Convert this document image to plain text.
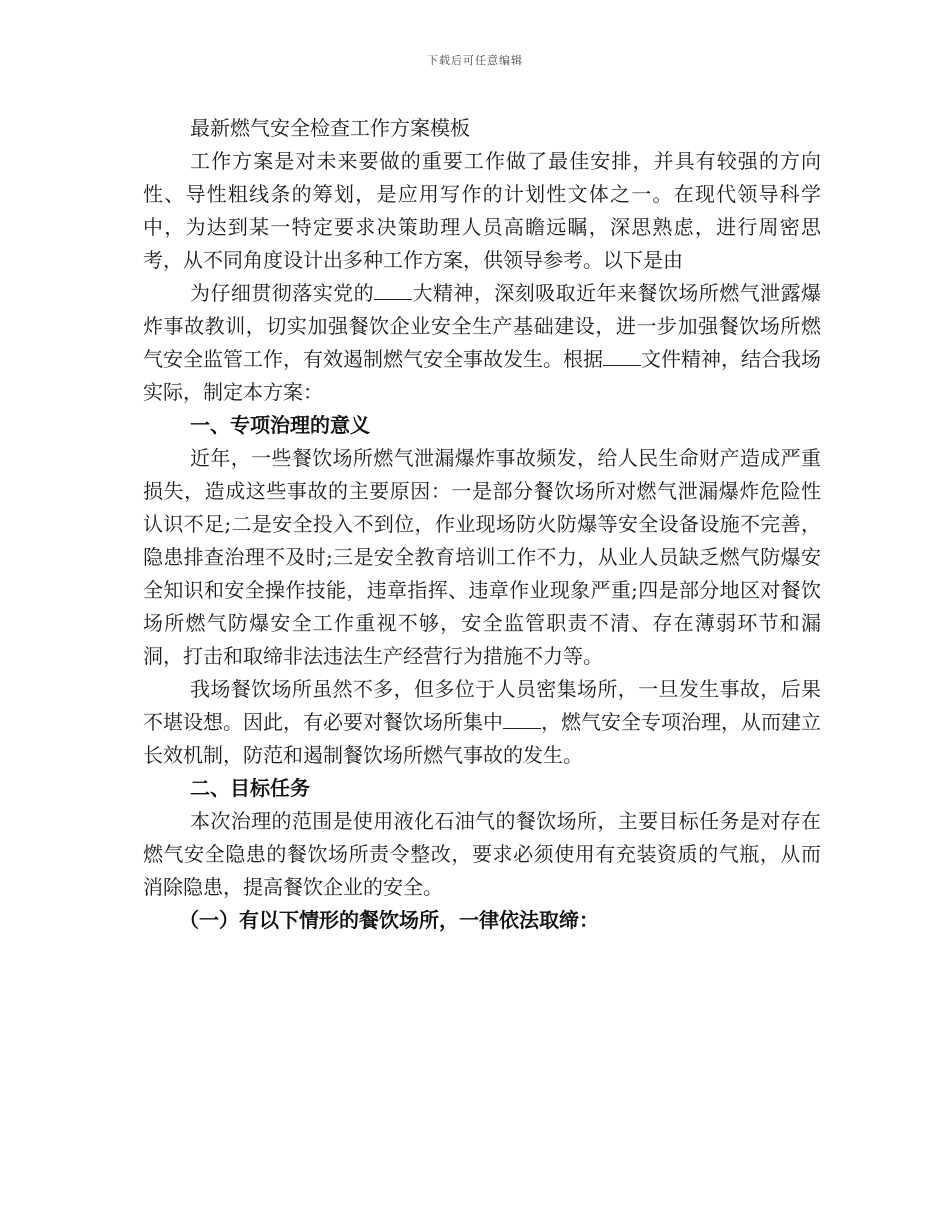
下载后可任意编辑

最新燃气安全检查工作方案模板

工作方案是对未来要做的重要工作做了最佳安排，并具有较强的方向性、导性粗线条的筹划，是应用写作的计划性文体之一。在现代领导科学中，为达到某一特定要求决策助理人员高瞻远瞩，深思熟虑，进行周密思考，从不同角度设计出多种工作方案，供领导参考。以下是由

为仔细贯彻落实党的 大精神，深刻吸取近年来餐饮场所燃气泄露爆炸事故教训，切实加强餐饮企业安全生产基础建设，进一步加强餐饮场所燃气安全监管工作，有效遏制燃气安全事故发生。根据 文件精神，结合我场实际，制定本方案：

一、专项治理的意义

近年，一些餐饮场所燃气泄漏爆炸事故频发，给人民生命财产造成严重损失，造成这些事故的主要原因：一是部分餐饮场所对燃气泄漏爆炸危险性认识不足;二是安全投入不到位，作业现场防火防爆等安全设备设施不完善，隐患排查治理不及时;三是安全教育培训工作不力，从业人员缺乏燃气防爆安全知识和安全操作技能，违章指挥、违章作业现象严重;四是部分地区对餐饮场所燃气防爆安全工作重视不够，安全监管职责不清、存在薄弱环节和漏洞，打击和取缔非法违法生产经营行为措施不力等。

我场餐饮场所虽然不多，但多位于人员密集场所，一旦发生事故，后果不堪设想。因此，有必要对餐饮场所集中 ，燃气安全专项治理，从而建立长效机制，防范和遏制餐饮场所燃气事故的发生。

二、目标任务

本次治理的范围是使用液化石油气的餐饮场所，主要目标任务是对存在燃气安全隐患的餐饮场所责令整改，要求必须使用有充装资质的气瓶，从而消除隐患，提高餐饮企业的安全。

（一）有以下情形的餐饮场所，一律依法取缔：
